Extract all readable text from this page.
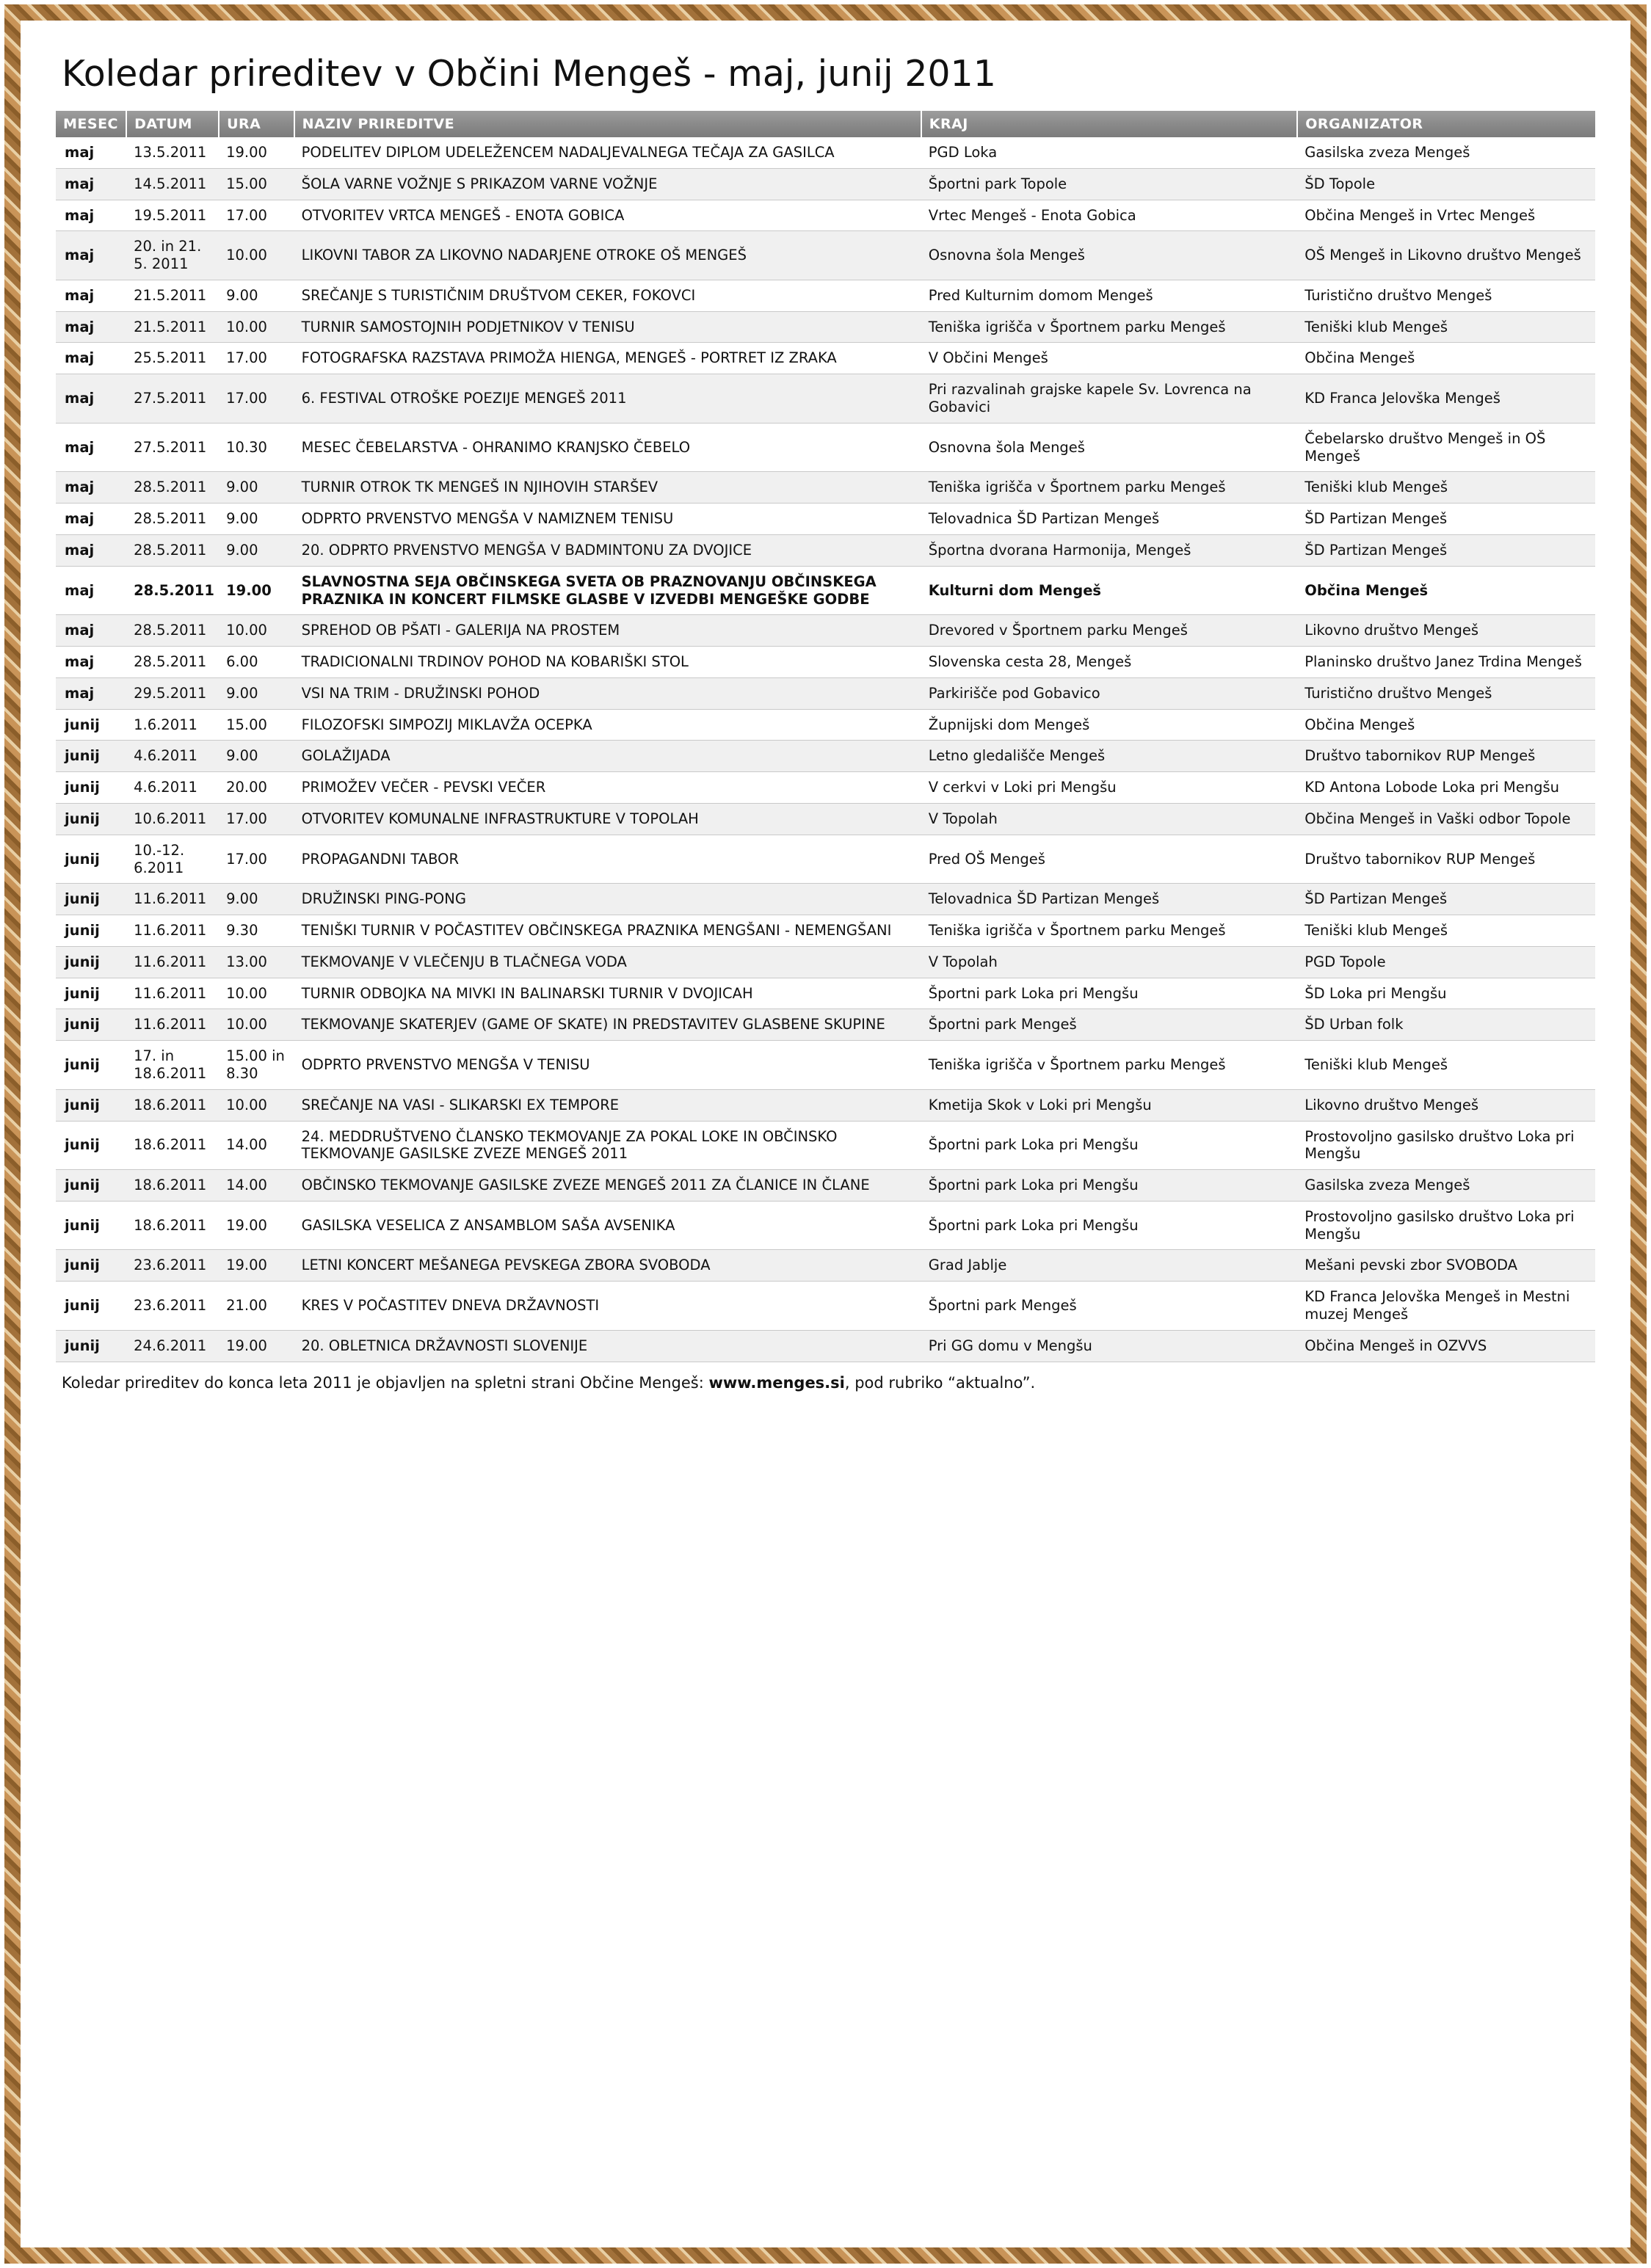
Koledar prireditev v Občini Mengeš - maj, junij 2011
MESEC	DATUM	URA	NAZIV PRIREDITVE	KRAJ	ORGANIZATOR
maj	13.5.2011	19.00	PODELITEV DIPLOM UDELEŽENCEM NADALJEVALNEGA TEČAJA ZA GASILCA	PGD Loka	Gasilska zveza Mengeš
maj	14.5.2011	15.00	ŠOLA VARNE VOŽNJE S PRIKAZOM VARNE VOŽNJE	Športni park Topole	ŠD Topole
maj	19.5.2011	17.00	OTVORITEV VRTCA MENGEŠ - ENOTA GOBICA	Vrtec Mengeš - Enota Gobica	Občina Mengeš in Vrtec Mengeš
maj	20. in 21. 5. 2011	10.00	LIKOVNI TABOR ZA LIKOVNO NADARJENE OTROKE OŠ MENGEŠ	Osnovna šola Mengeš	OŠ Mengeš in Likovno društvo Mengeš
maj	21.5.2011	9.00	SREČANJE S TURISTIČNIM DRUŠTVOM CEKER, FOKOVCI	Pred Kulturnim domom Mengeš	Turistično društvo Mengeš
maj	21.5.2011	10.00	TURNIR SAMOSTOJNIH PODJETNIKOV V TENISU	Teniška igrišča v Športnem parku Mengeš	Teniški klub Mengeš
maj	25.5.2011	17.00	FOTOGRAFSKA RAZSTAVA PRIMOŽA HIENGA, MENGEŠ - PORTRET IZ ZRAKA	V Občini Mengeš	Občina Mengeš
maj	27.5.2011	17.00	6. FESTIVAL OTROŠKE POEZIJE MENGEŠ 2011	Pri razvalinah grajske kapele Sv. Lovrenca na Gobavici	KD Franca Jelovška Mengeš
maj	27.5.2011	10.30	MESEC ČEBELARSTVA - OHRANIMO KRANJSKO ČEBELO	Osnovna šola Mengeš	Čebelarsko društvo Mengeš in OŠ Mengeš
maj	28.5.2011	9.00	TURNIR OTROK TK MENGEŠ IN NJIHOVIH STARŠEV	Teniška igrišča v Športnem parku Mengeš	Teniški klub Mengeš
maj	28.5.2011	9.00	ODPRTO PRVENSTVO MENGŠA V NAMIZNEM TENISU	Telovadnica ŠD Partizan Mengeš	ŠD Partizan Mengeš
maj	28.5.2011	9.00	20. ODPRTO PRVENSTVO MENGŠA V BADMINTONU ZA DVOJICE	Športna dvorana Harmonija, Mengeš	ŠD Partizan Mengeš
maj	28.5.2011	19.00	SLAVNOSTNA SEJA OBČINSKEGA SVETA OB PRAZNOVANJU OBČINSKEGA PRAZNIKA IN KONCERT FILMSKE GLASBE V IZVEDBI MENGEŠKE GODBE	Kulturni dom Mengeš	Občina Mengeš
maj	28.5.2011	10.00	SPREHOD OB PŠATI - GALERIJA NA PROSTEM	Drevored v Športnem parku Mengeš	Likovno društvo Mengeš
maj	28.5.2011	6.00	TRADICIONALNI TRDINOV POHOD NA KOBARIŠKI STOL	Slovenska cesta 28, Mengeš	Planinsko društvo Janez Trdina Mengeš
maj	29.5.2011	9.00	VSI NA TRIM - DRUŽINSKI POHOD	Parkirišče pod Gobavico	Turistično društvo Mengeš
junij	1.6.2011	15.00	FILOZOFSKI SIMPOZIJ MIKLAVŽA OCEPKA	Župnijski dom Mengeš	Občina Mengeš
junij	4.6.2011	9.00	GOLAŽIJADA	Letno gledališče Mengeš	Društvo tabornikov RUP Mengeš
junij	4.6.2011	20.00	PRIMOŽEV VEČER - PEVSKI VEČER	V cerkvi v Loki pri Mengšu	KD Antona Lobode Loka pri Mengšu
junij	10.6.2011	17.00	OTVORITEV KOMUNALNE INFRASTRUKTURE V TOPOLAH	V Topolah	Občina Mengeš in Vaški odbor Topole
junij	10.-12. 6.2011	17.00	PROPAGANDNI TABOR	Pred OŠ Mengeš	Društvo tabornikov RUP Mengeš
junij	11.6.2011	9.00	DRUŽINSKI PING-PONG	Telovadnica ŠD Partizan Mengeš	ŠD Partizan Mengeš
junij	11.6.2011	9.30	TENIŠKI TURNIR V POČASTITEV OBČINSKEGA PRAZNIKA MENGŠANI - NEMENGŠANI	Teniška igrišča v Športnem parku Mengeš	Teniški klub Mengeš
junij	11.6.2011	13.00	TEKMOVANJE V VLEČENJU B TLAČNEGA VODA	V Topolah	PGD Topole
junij	11.6.2011	10.00	TURNIR ODBOJKA NA MIVKI IN BALINARSKI TURNIR V DVOJICAH	Športni park Loka pri Mengšu	ŠD Loka pri Mengšu
junij	11.6.2011	10.00	TEKMOVANJE SKATERJEV (GAME OF SKATE) IN PREDSTAVITEV GLASBENE SKUPINE	Športni park Mengeš	ŠD Urban folk
junij	17. in 18.6.2011	15.00 in 8.30	ODPRTO PRVENSTVO MENGŠA V TENISU	Teniška igrišča v Športnem parku Mengeš	Teniški klub Mengeš
junij	18.6.2011	10.00	SREČANJE NA VASI - SLIKARSKI EX TEMPORE	Kmetija Skok v Loki pri Mengšu	Likovno društvo Mengeš
junij	18.6.2011	14.00	24. MEDDRUŠTVENO ČLANSKO TEKMOVANJE ZA POKAL LOKE IN OBČINSKO TEKMOVANJE GASILSKE ZVEZE MENGEŠ 2011	Športni park Loka pri Mengšu	Prostovoljno gasilsko društvo Loka pri Mengšu
junij	18.6.2011	14.00	OBČINSKO TEKMOVANJE GASILSKE ZVEZE MENGEŠ 2011 ZA ČLANICE IN ČLANE	Športni park Loka pri Mengšu	Gasilska zveza Mengeš
junij	18.6.2011	19.00	GASILSKA VESELICA Z ANSAMBLOM SAŠA AVSENIKA	Športni park Loka pri Mengšu	Prostovoljno gasilsko društvo Loka pri Mengšu
junij	23.6.2011	19.00	LETNI KONCERT MEŠANEGA PEVSKEGA ZBORA SVOBODA	Grad Jablje	Mešani pevski zbor SVOBODA
junij	23.6.2011	21.00	KRES V POČASTITEV DNEVA DRŽAVNOSTI	Športni park Mengeš	KD Franca Jelovška Mengeš in Mestni muzej Mengeš
junij	24.6.2011	19.00	20. OBLETNICA DRŽAVNOSTI SLOVENIJE	Pri GG domu v Mengšu	Občina Mengeš in OZVVS
Koledar prireditev do konca leta 2011 je objavljen na spletni strani Občine Mengeš: www.menges.si, pod rubriko “aktualno”.
